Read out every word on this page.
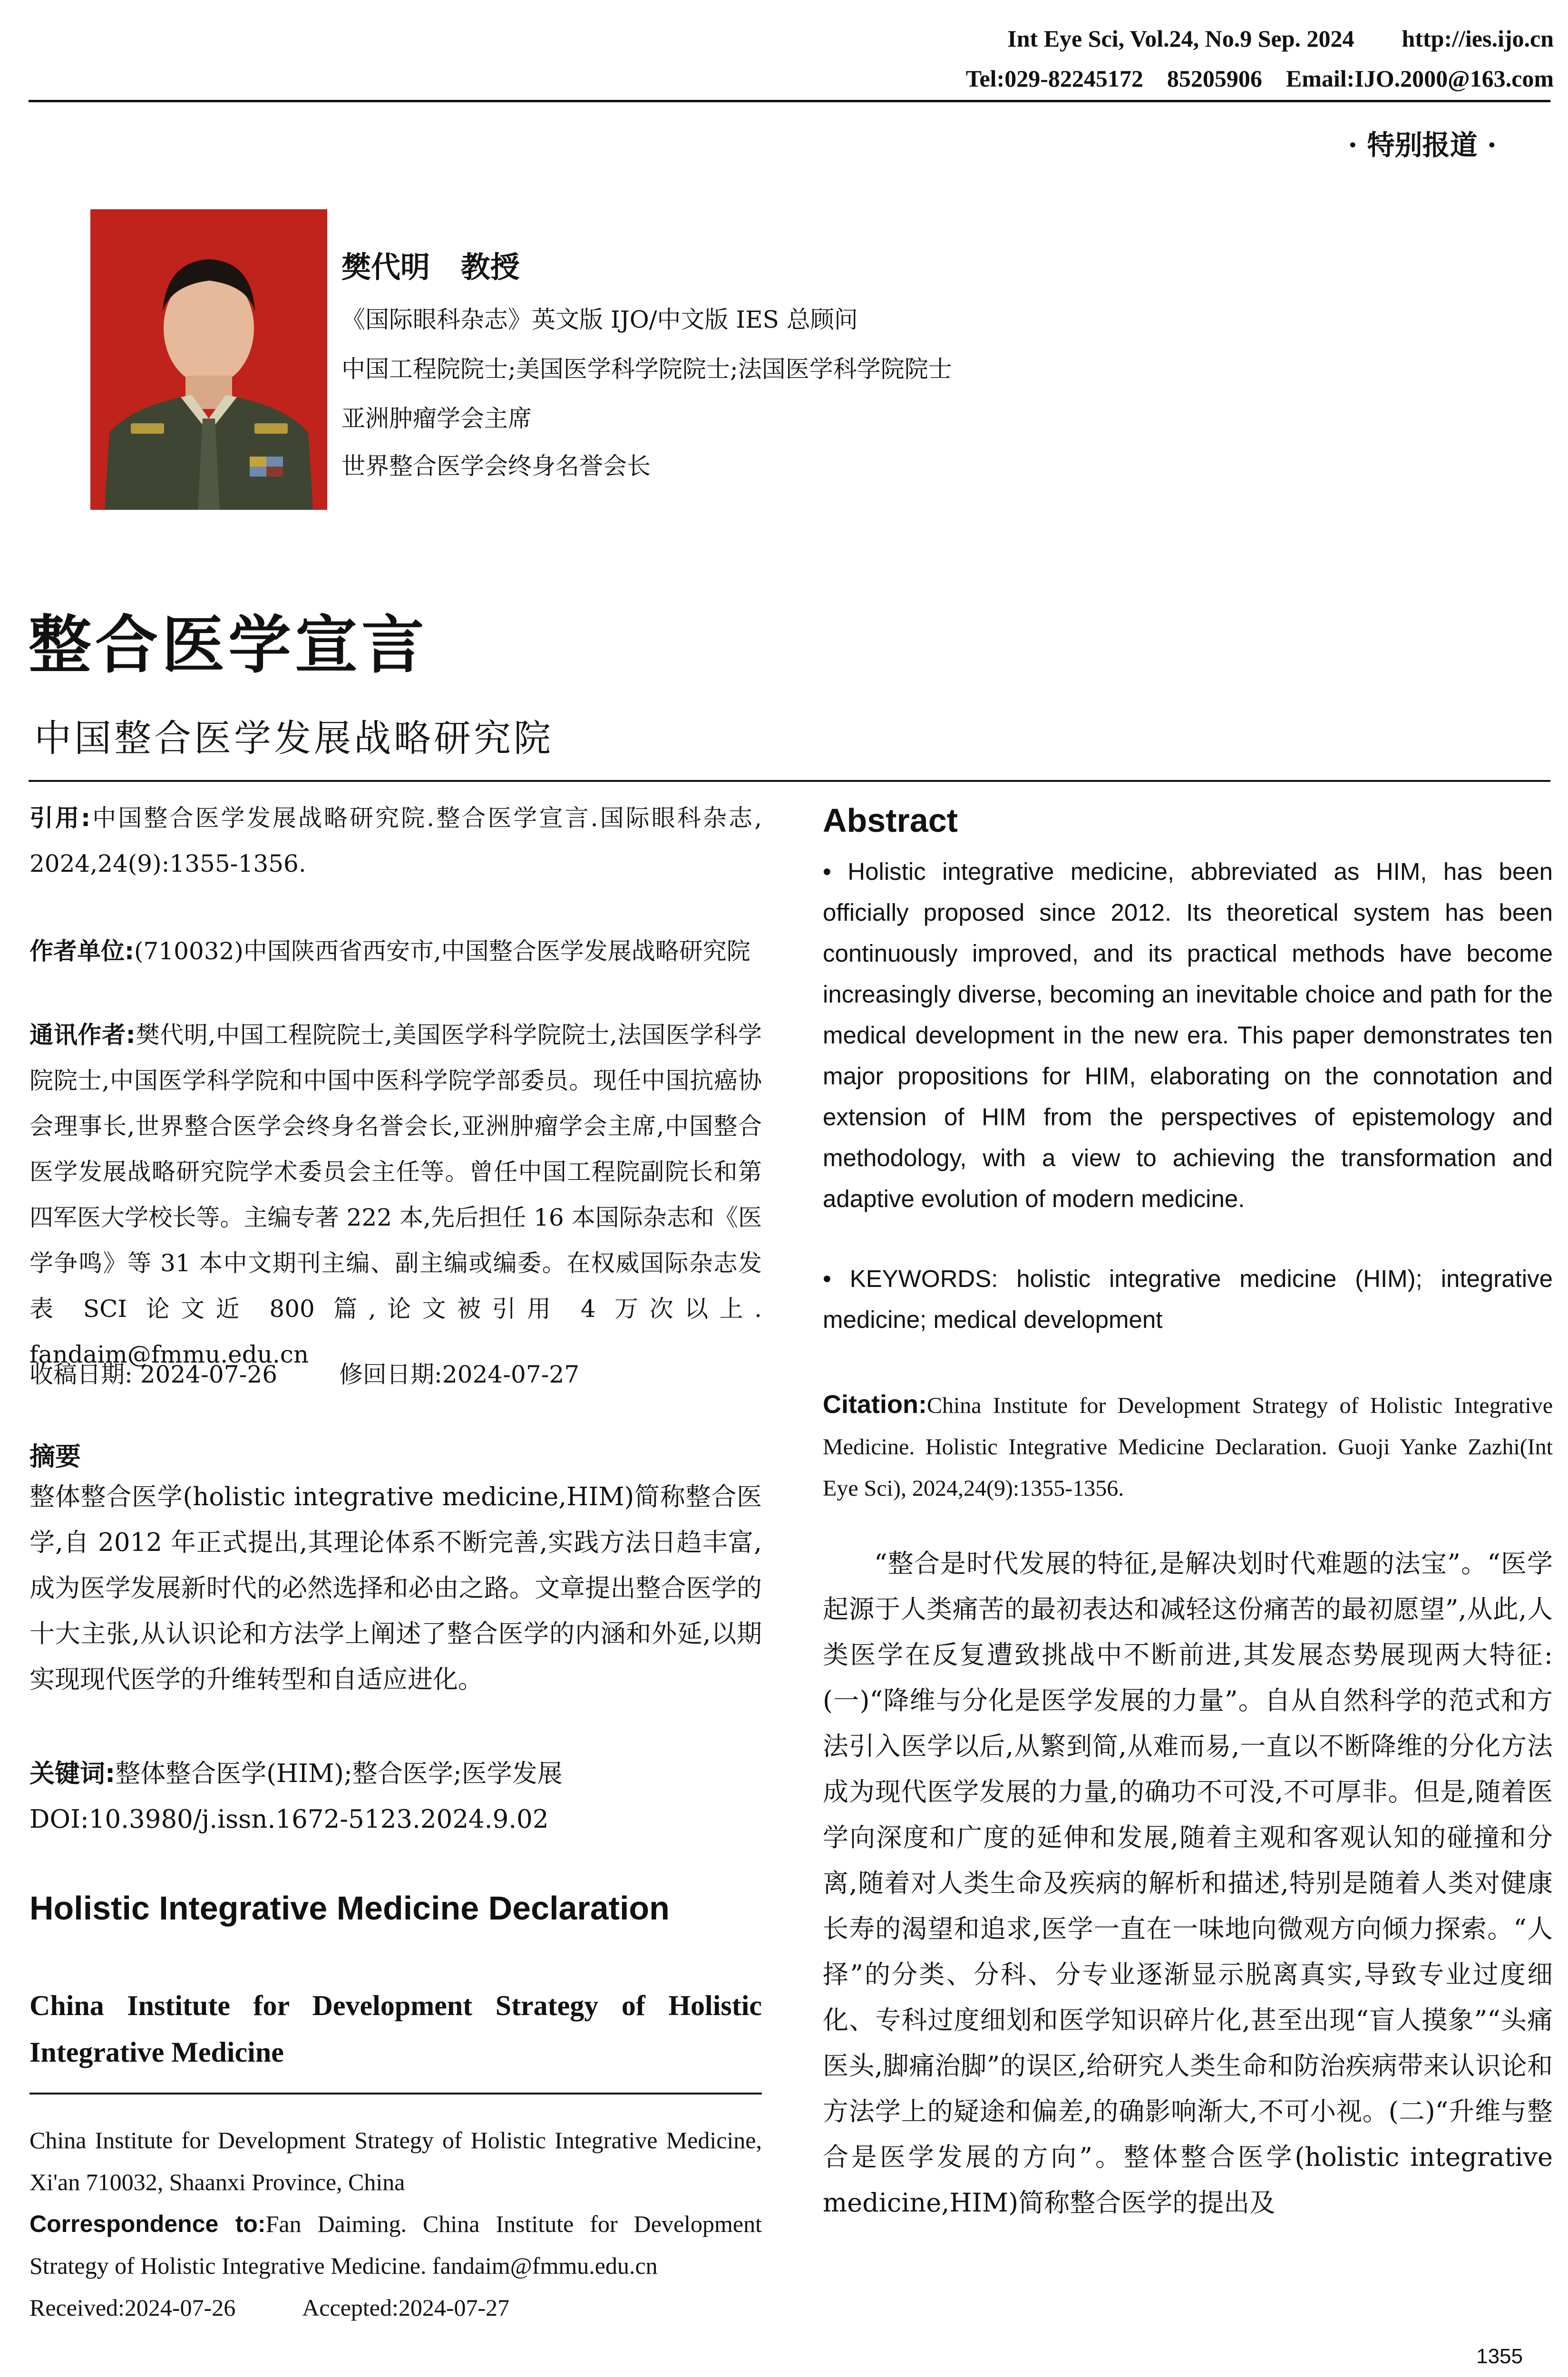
Int Eye Sci, Vol.24, No.9 Sep. 2024        http://ies.ijo.cn
Tel:029-82245172    85205906    Email:IJO.2000@163.com
· 特别报道 ·
樊代明   教授
《国际眼科杂志》英文版 IJO/中文版 IES 总顾问
中国工程院院士;美国医学科学院院士;法国医学科学院院士
亚洲肿瘤学会主席
世界整合医学会终身名誉会长
整合医学宣言
中国整合医学发展战略研究院
引用:中国整合医学发展战略研究院.整合医学宣言.国际眼科杂志, 2024,24(9):1355-1356.
作者单位:(710032)中国陕西省西安市,中国整合医学发展战略研究院
通讯作者:樊代明,中国工程院院士,美国医学科学院院士,法国医学科学院院士,中国医学科学院和中国中医科学院学部委员。现任中国抗癌协会理事长,世界整合医学会终身名誉会长,亚洲肿瘤学会主席,中国整合医学发展战略研究院学术委员会主任等。曾任中国工程院副院长和第四军医大学校长等。主编专著 222 本,先后担任 16 本国际杂志和《医学争鸣》等 31 本中文期刊主编、副主编或编委。在权威国际杂志发表 SCI 论文近 800 篇,论文被引用 4 万次以上. fandaim@fmmu.edu.cn
收稿日期: 2024-07-26	修回日期:2024-07-27
摘要
整体整合医学(holistic integrative medicine,HIM)简称整合医学,自 2012 年正式提出,其理论体系不断完善,实践方法日趋丰富,成为医学发展新时代的必然选择和必由之路。文章提出整合医学的十大主张,从认识论和方法学上阐述了整合医学的内涵和外延,以期实现现代医学的升维转型和自适应进化。
关键词:整体整合医学(HIM);整合医学;医学发展
DOI:10.3980/j.issn.1672-5123.2024.9.02
Holistic Integrative Medicine Declaration
China Institute for Development Strategy of Holistic Integrative Medicine
China Institute for Development Strategy of Holistic Integrative Medicine, Xi'an 710032, Shaanxi Province, China
Correspondence to:Fan Daiming. China Institute for Development Strategy of Holistic Integrative Medicine. fandaim@fmmu.edu.cn
Received:2024-07-26	Accepted:2024-07-27
Abstract
• Holistic integrative medicine, abbreviated as HIM, has been officially proposed since 2012. Its theoretical system has been continuously improved, and its practical methods have become increasingly diverse, becoming an inevitable choice and path for the medical development in the new era. This paper demonstrates ten major propositions for HIM, elaborating on the connotation and extension of HIM from the perspectives of epistemology and methodology, with a view to achieving the transformation and adaptive evolution of modern medicine.
• KEYWORDS: holistic integrative medicine (HIM); integrative medicine; medical development
Citation:China Institute for Development Strategy of Holistic Integrative Medicine. Holistic Integrative Medicine Declaration. Guoji Yanke Zazhi(Int Eye Sci), 2024,24(9):1355-1356.
“整合是时代发展的特征,是解决划时代难题的法宝”。“医学起源于人类痛苦的最初表达和减轻这份痛苦的最初愿望”,从此,人类医学在反复遭致挑战中不断前进,其发展态势展现两大特征:(一)“降维与分化是医学发展的力量”。自从自然科学的范式和方法引入医学以后,从繁到简,从难而易,一直以不断降维的分化方法成为现代医学发展的力量,的确功不可没,不可厚非。但是,随着医学向深度和广度的延伸和发展,随着主观和客观认知的碰撞和分离,随着对人类生命及疾病的解析和描述,特别是随着人类对健康长寿的渴望和追求,医学一直在一味地向微观方向倾力探索。“人择”的分类、分科、分专业逐渐显示脱离真实,导致专业过度细化、专科过度细划和医学知识碎片化,甚至出现“盲人摸象”“头痛医头,脚痛治脚”的误区,给研究人类生命和防治疾病带来认识论和方法学上的疑途和偏差,的确影响渐大,不可小视。(二)“升维与整合是医学发展的方向”。整体整合医学(holistic integrative medicine,HIM)简称整合医学的提出及
1355
